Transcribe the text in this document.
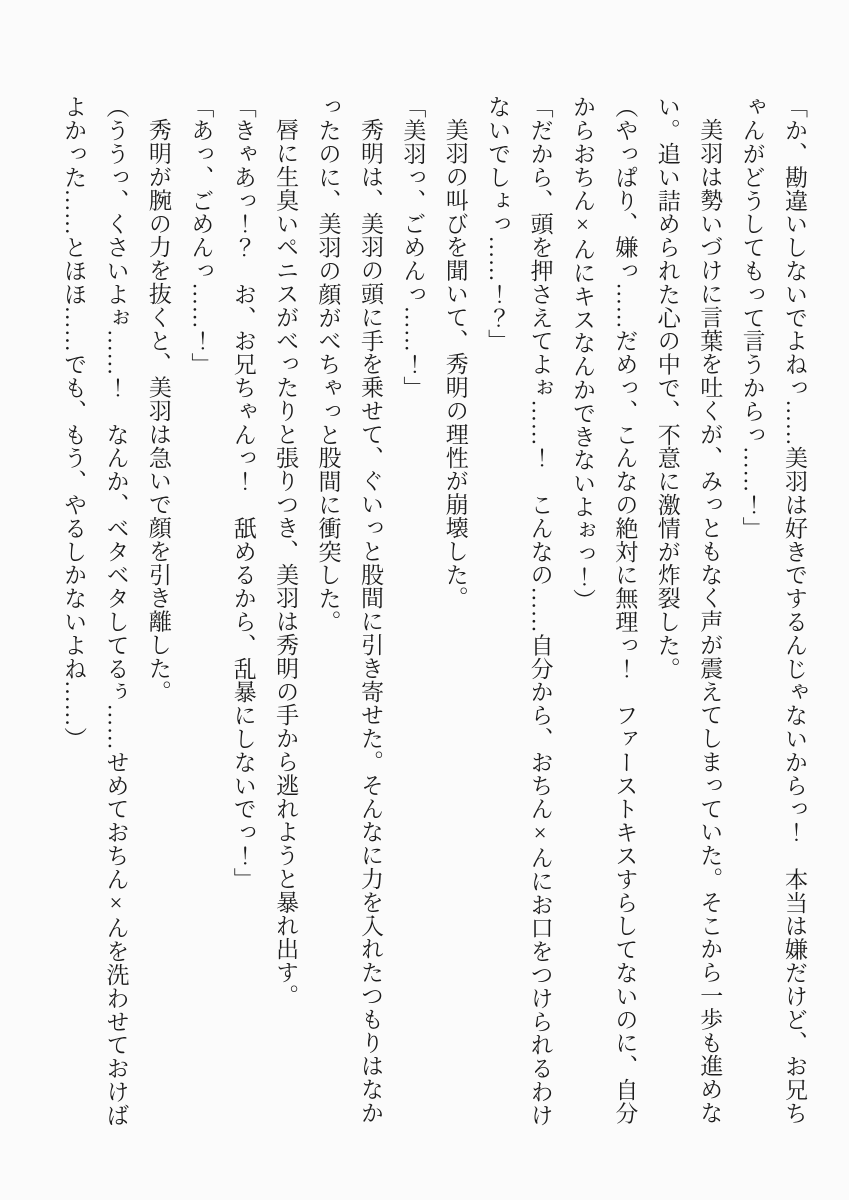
「か、勘違いしないでよねっ……美羽は好きでするんじゃないからっ！　本当は嫌だけど、お兄ち

ゃんがどうしてもって言うからっ……！」

美羽は勢いづけに言葉を吐くが、みっともなく声が震えてしまっていた。そこから一歩も進めな

い。追い詰められた心の中で、不意に激情が炸裂した。

（やっぱり、嫌っ……だめっ、こんなの絶対に無理っ！　ファーストキスすらしてないのに、自分

からおちん×んにキスなんかできないよぉっ！）

「だから、頭を押さえてよぉ……！　こんなの……自分から、おちん×んにお口をつけられるわけ

ないでしょっ……！？」

美羽の叫びを聞いて、秀明の理性が崩壊した。

「美羽っ、ごめんっ……！」

秀明は、美羽の頭に手を乗せて、ぐいっと股間に引き寄せた。そんなに力を入れたつもりはなか

ったのに、美羽の顔がべちゃっと股間に衝突した。

唇に生臭いペニスがべったりと張りつき、美羽は秀明の手から逃れようと暴れ出す。

「きゃあっ！？　お、お兄ちゃんっ！　舐めるから、乱暴にしないでっ！」

「あっ、ごめんっ……！」

秀明が腕の力を抜くと、美羽は急いで顔を引き離した。

（ううっ、くさいよぉ……！　なんか、ベタベタしてるぅ……せめておちん×んを洗わせておけば

よかった……とほほ……でも、もう、やるしかないよね……）
